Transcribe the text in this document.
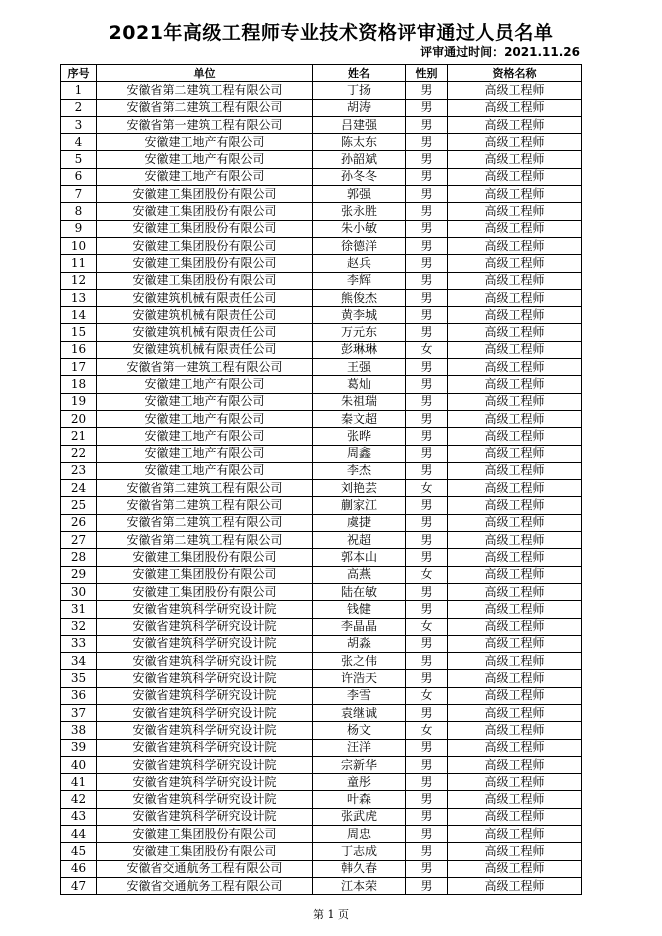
2021年高级工程师专业技术资格评审通过人员名单
评审通过时间：2021.11.26
序号	单位	姓名	性别	资格名称
1	安徽省第二建筑工程有限公司	丁扬	男	高级工程师
2	安徽省第二建筑工程有限公司	胡涛	男	高级工程师
3	安徽省第一建筑工程有限公司	吕建强	男	高级工程师
4	安徽建工地产有限公司	陈太东	男	高级工程师
5	安徽建工地产有限公司	孙韶斌	男	高级工程师
6	安徽建工地产有限公司	孙冬冬	男	高级工程师
7	安徽建工集团股份有限公司	郭强	男	高级工程师
8	安徽建工集团股份有限公司	张永胜	男	高级工程师
9	安徽建工集团股份有限公司	朱小敏	男	高级工程师
10	安徽建工集团股份有限公司	徐德洋	男	高级工程师
11	安徽建工集团股份有限公司	赵兵	男	高级工程师
12	安徽建工集团股份有限公司	李辉	男	高级工程师
13	安徽建筑机械有限责任公司	熊俊杰	男	高级工程师
14	安徽建筑机械有限责任公司	黄李城	男	高级工程师
15	安徽建筑机械有限责任公司	万元东	男	高级工程师
16	安徽建筑机械有限责任公司	彭琳琳	女	高级工程师
17	安徽省第一建筑工程有限公司	王强	男	高级工程师
18	安徽建工地产有限公司	葛灿	男	高级工程师
19	安徽建工地产有限公司	朱祖瑞	男	高级工程师
20	安徽建工地产有限公司	秦文超	男	高级工程师
21	安徽建工地产有限公司	张晔	男	高级工程师
22	安徽建工地产有限公司	周鑫	男	高级工程师
23	安徽建工地产有限公司	李杰	男	高级工程师
24	安徽省第二建筑工程有限公司	刘艳芸	女	高级工程师
25	安徽省第二建筑工程有限公司	蒯家江	男	高级工程师
26	安徽省第二建筑工程有限公司	虞捷	男	高级工程师
27	安徽省第二建筑工程有限公司	祝超	男	高级工程师
28	安徽建工集团股份有限公司	郭本山	男	高级工程师
29	安徽建工集团股份有限公司	高燕	女	高级工程师
30	安徽建工集团股份有限公司	陆在敏	男	高级工程师
31	安徽省建筑科学研究设计院	钱健	男	高级工程师
32	安徽省建筑科学研究设计院	李晶晶	女	高级工程师
33	安徽省建筑科学研究设计院	胡淼	男	高级工程师
34	安徽省建筑科学研究设计院	张之伟	男	高级工程师
35	安徽省建筑科学研究设计院	许浩天	男	高级工程师
36	安徽省建筑科学研究设计院	李雪	女	高级工程师
37	安徽省建筑科学研究设计院	袁继诚	男	高级工程师
38	安徽省建筑科学研究设计院	杨文	女	高级工程师
39	安徽省建筑科学研究设计院	汪洋	男	高级工程师
40	安徽省建筑科学研究设计院	宗新华	男	高级工程师
41	安徽省建筑科学研究设计院	童彤	男	高级工程师
42	安徽省建筑科学研究设计院	叶森	男	高级工程师
43	安徽省建筑科学研究设计院	张武虎	男	高级工程师
44	安徽建工集团股份有限公司	周忠	男	高级工程师
45	安徽建工集团股份有限公司	丁志成	男	高级工程师
46	安徽省交通航务工程有限公司	韩久春	男	高级工程师
47	安徽省交通航务工程有限公司	江本荣	男	高级工程师
第 1 页
